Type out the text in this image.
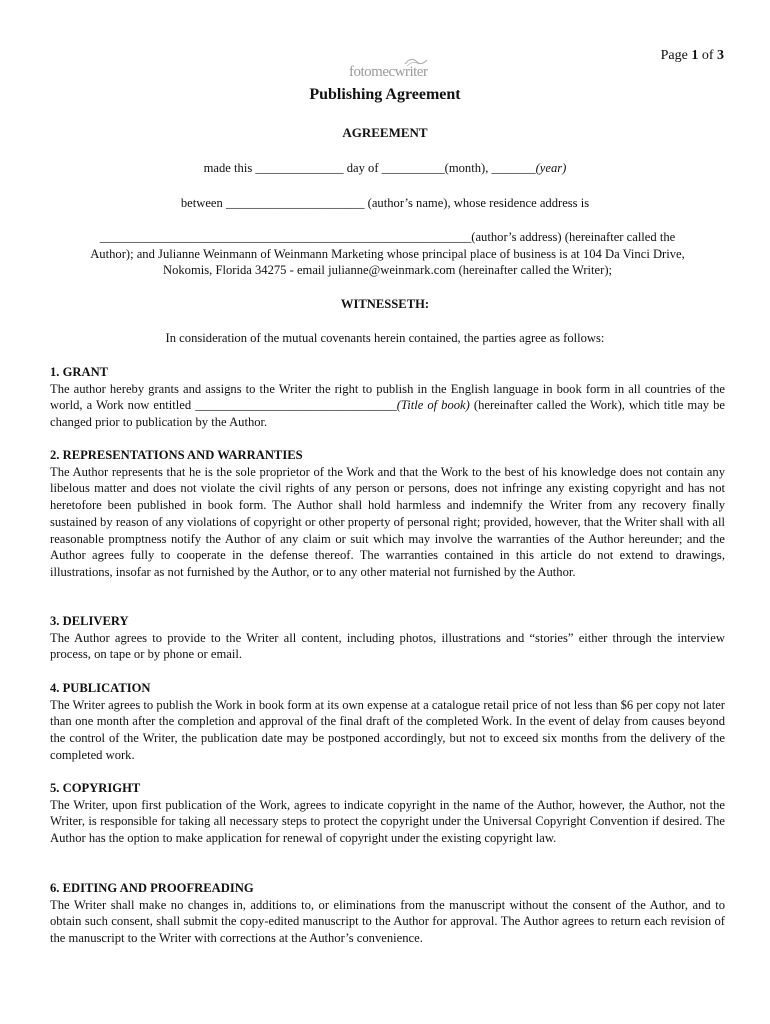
Page 1 of 3
fotomecwriter
Publishing Agreement
AGREEMENT
made this ______________ day of __________(month), _______(year)
between ______________________ (author’s name), whose residence address is
___________________________________________________________(author’s address) (hereinafter called the
Author); and Julianne Weinmann of Weinmann Marketing whose principal place of business is at 104 Da Vinci Drive,
Nokomis, Florida 34275 - email julianne@weinmark.com (hereinafter called the Writer);
WITNESSETH:
In consideration of the mutual covenants herein contained, the parties agree as follows:
1. GRANT
The author hereby grants and assigns to the Writer the right to publish in the English language in book form in all countries of the world, a Work now entitled ________________________________(Title of book) (hereinafter called the Work), which title may be changed prior to publication by the Author.
2. REPRESENTATIONS AND WARRANTIES
The Author represents that he is the sole proprietor of the Work and that the Work to the best of his knowledge does not contain any libelous matter and does not violate the civil rights of any person or persons, does not infringe any existing copyright and has not heretofore been published in book form. The Author shall hold harmless and indemnify the Writer from any recovery finally sustained by reason of any violations of copyright or other property of personal right; provided, however, that the Writer shall with all reasonable promptness notify the Author of any claim or suit which may involve the warranties of the Author hereunder; and the Author agrees fully to cooperate in the defense thereof. The warranties contained in this article do not extend to drawings, illustrations, insofar as not furnished by the Author, or to any other material not furnished by the Author.
3. DELIVERY
The Author agrees to provide to the Writer all content, including photos, illustrations and “stories” either through the interview process, on tape or by phone or email.
4. PUBLICATION
The Writer agrees to publish the Work in book form at its own expense at a catalogue retail price of not less than $6 per copy not later than one month after the completion and approval of the final draft of the completed Work. In the event of delay from causes beyond the control of the Writer, the publication date may be postponed accordingly, but not to exceed six months from the delivery of the completed work.
5. COPYRIGHT
The Writer, upon first publication of the Work, agrees to indicate copyright in the name of the Author, however, the Author, not the Writer, is responsible for taking all necessary steps to protect the copyright under the Universal Copyright Convention if desired. The Author has the option to make application for renewal of copyright under the existing copyright law.
6. EDITING AND PROOFREADING
The Writer shall make no changes in, additions to, or eliminations from the manuscript without the consent of the Author, and to obtain such consent, shall submit the copy-edited manuscript to the Author for approval. The Author agrees to return each revision of the manuscript to the Writer with corrections at the Author’s convenience.
